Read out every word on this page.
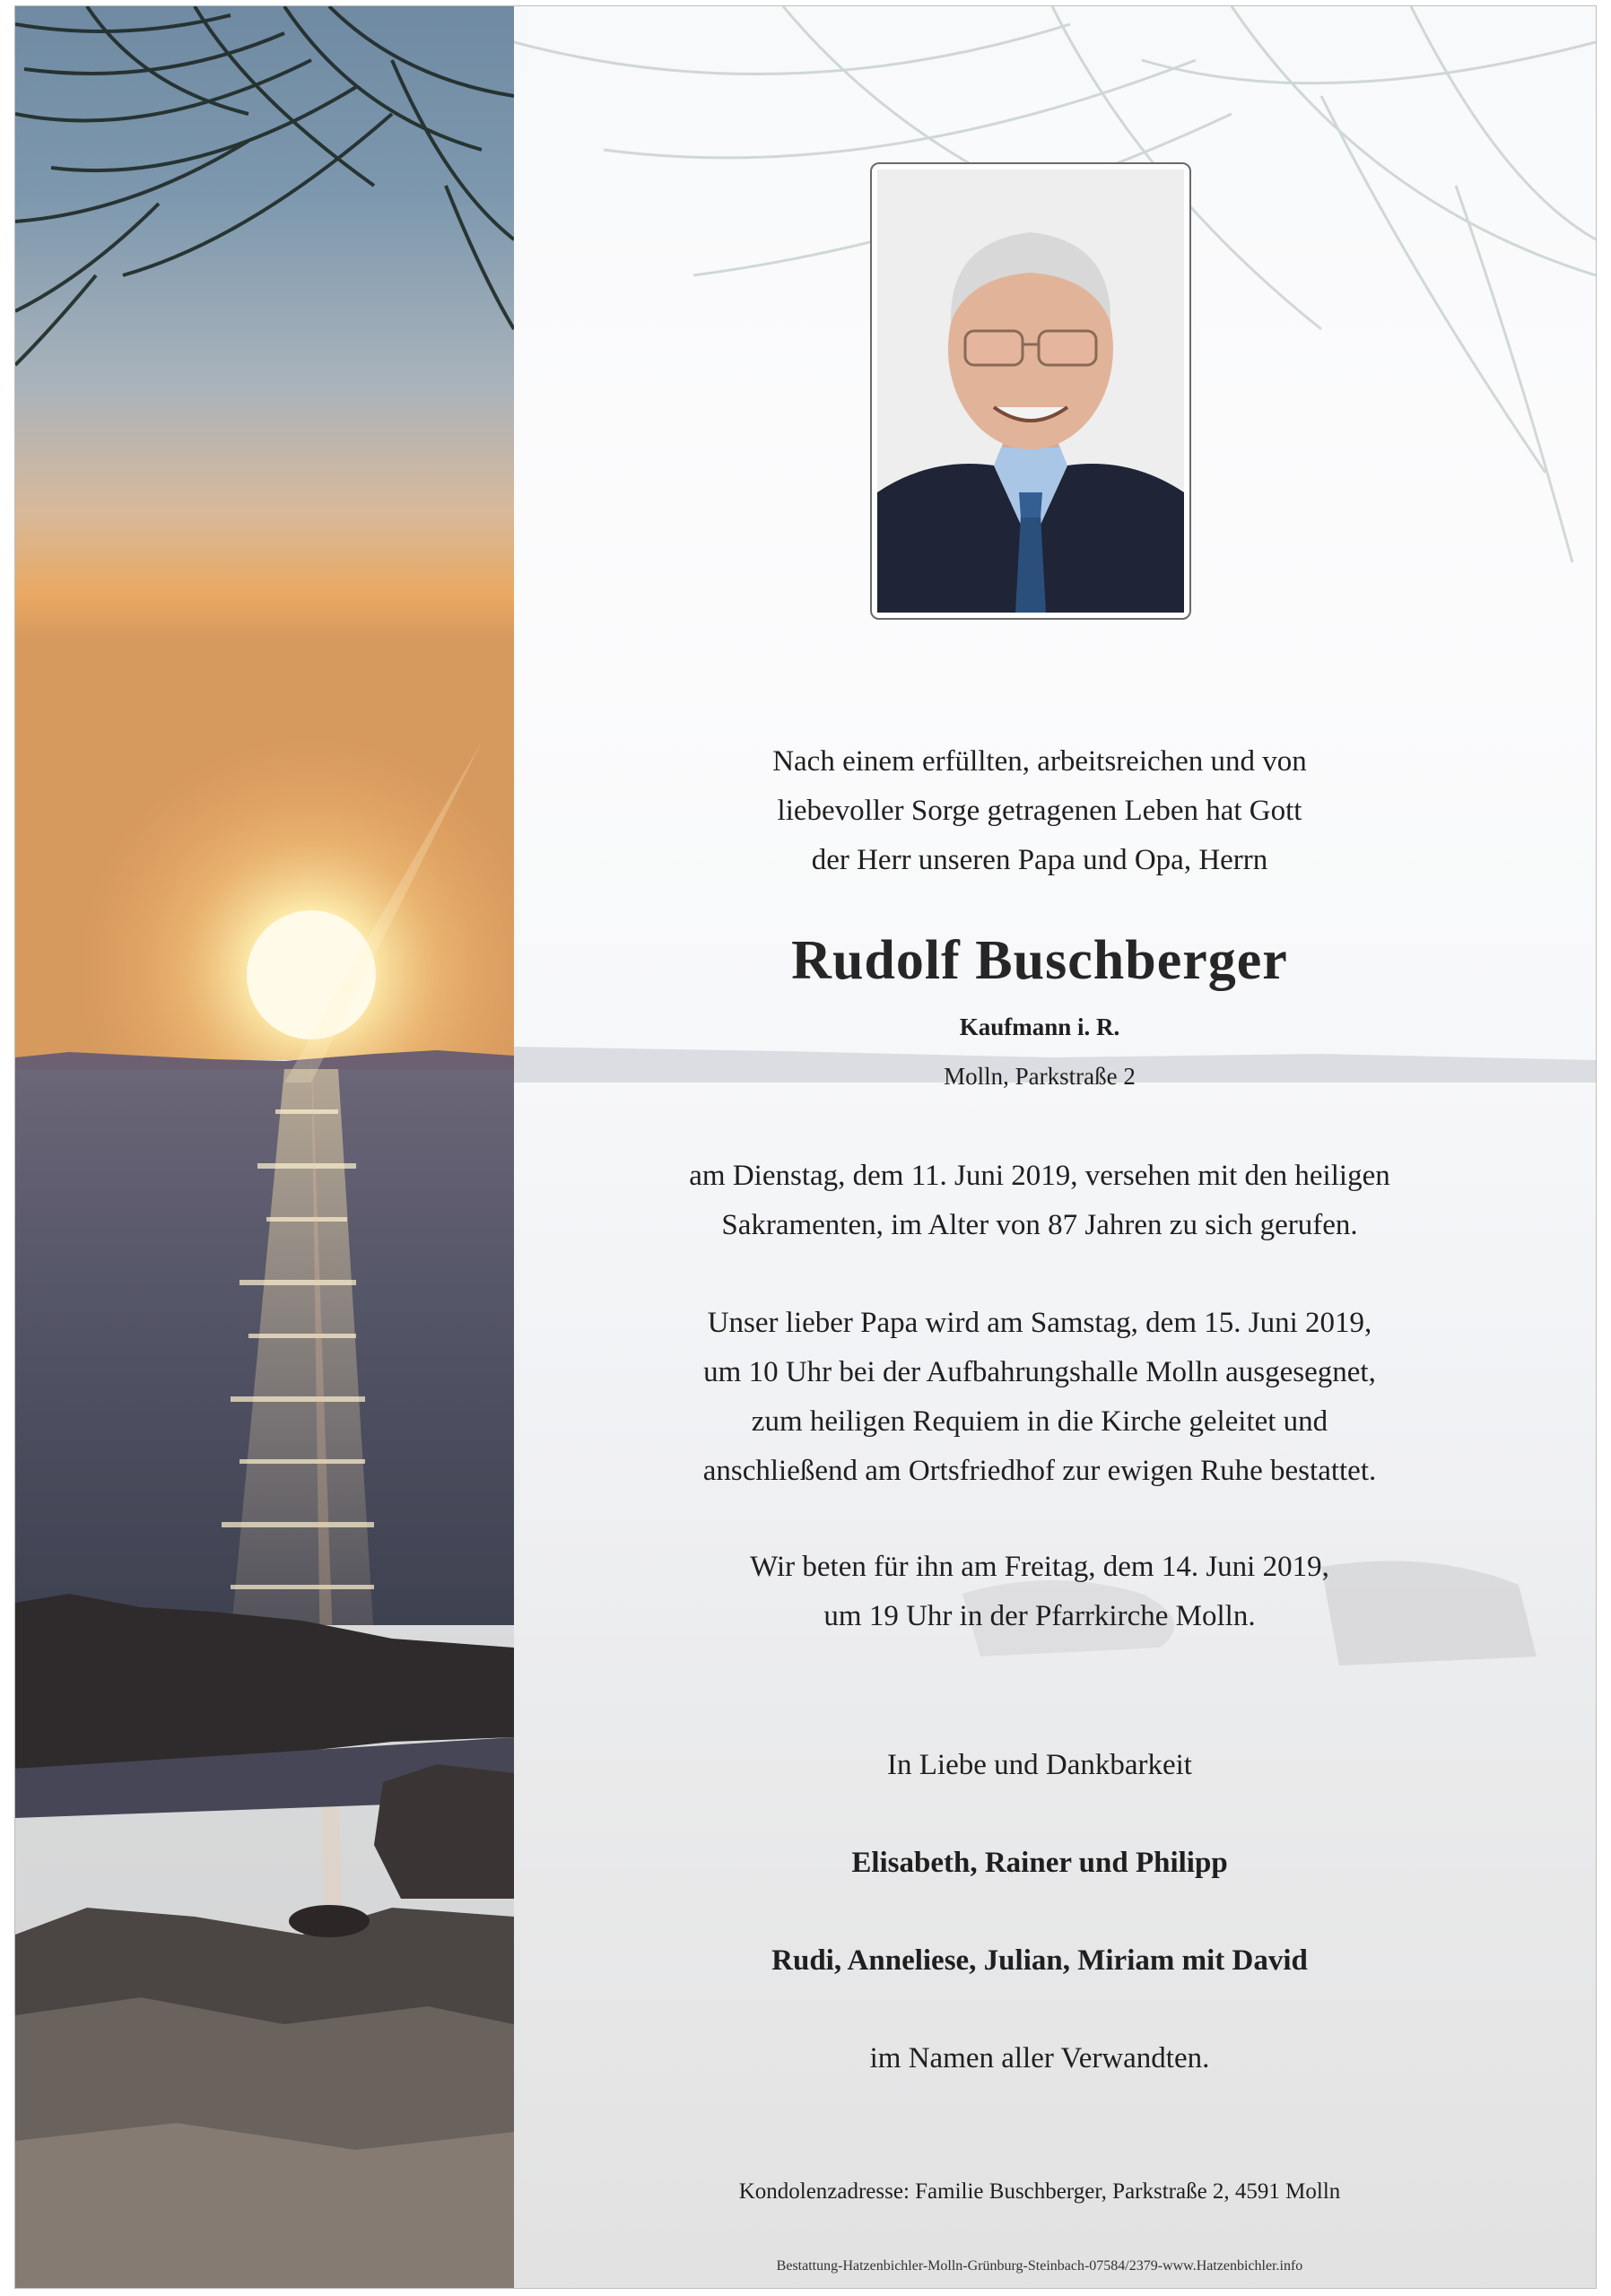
Nach einem erfüllten, arbeitsreichen und von
liebevoller Sorge getragenen Leben hat Gott
der Herr unseren Papa und Opa, Herrn
Rudolf Buschberger
Kaufmann i. R.
Molln, Parkstraße 2
am Dienstag, dem 11. Juni 2019, versehen mit den heiligen
Sakramenten, im Alter von 87 Jahren zu sich gerufen.
Unser lieber Papa wird am Samstag, dem 15. Juni 2019,
um 10 Uhr bei der Aufbahrungshalle Molln ausgesegnet,
zum heiligen Requiem in die Kirche geleitet und
anschließend am Ortsfriedhof zur ewigen Ruhe bestattet.
Wir beten für ihn am Freitag, dem 14. Juni 2019,
um 19 Uhr in der Pfarrkirche Molln.
In Liebe und Dankbarkeit
Elisabeth, Rainer und Philipp
Rudi, Anneliese, Julian, Miriam mit David
im Namen aller Verwandten.
Kondolenzadresse: Familie Buschberger, Parkstraße 2, 4591 Molln
Bestattung-Hatzenbichler-Molln-Grünburg-Steinbach-07584/2379-www.Hatzenbichler.info
